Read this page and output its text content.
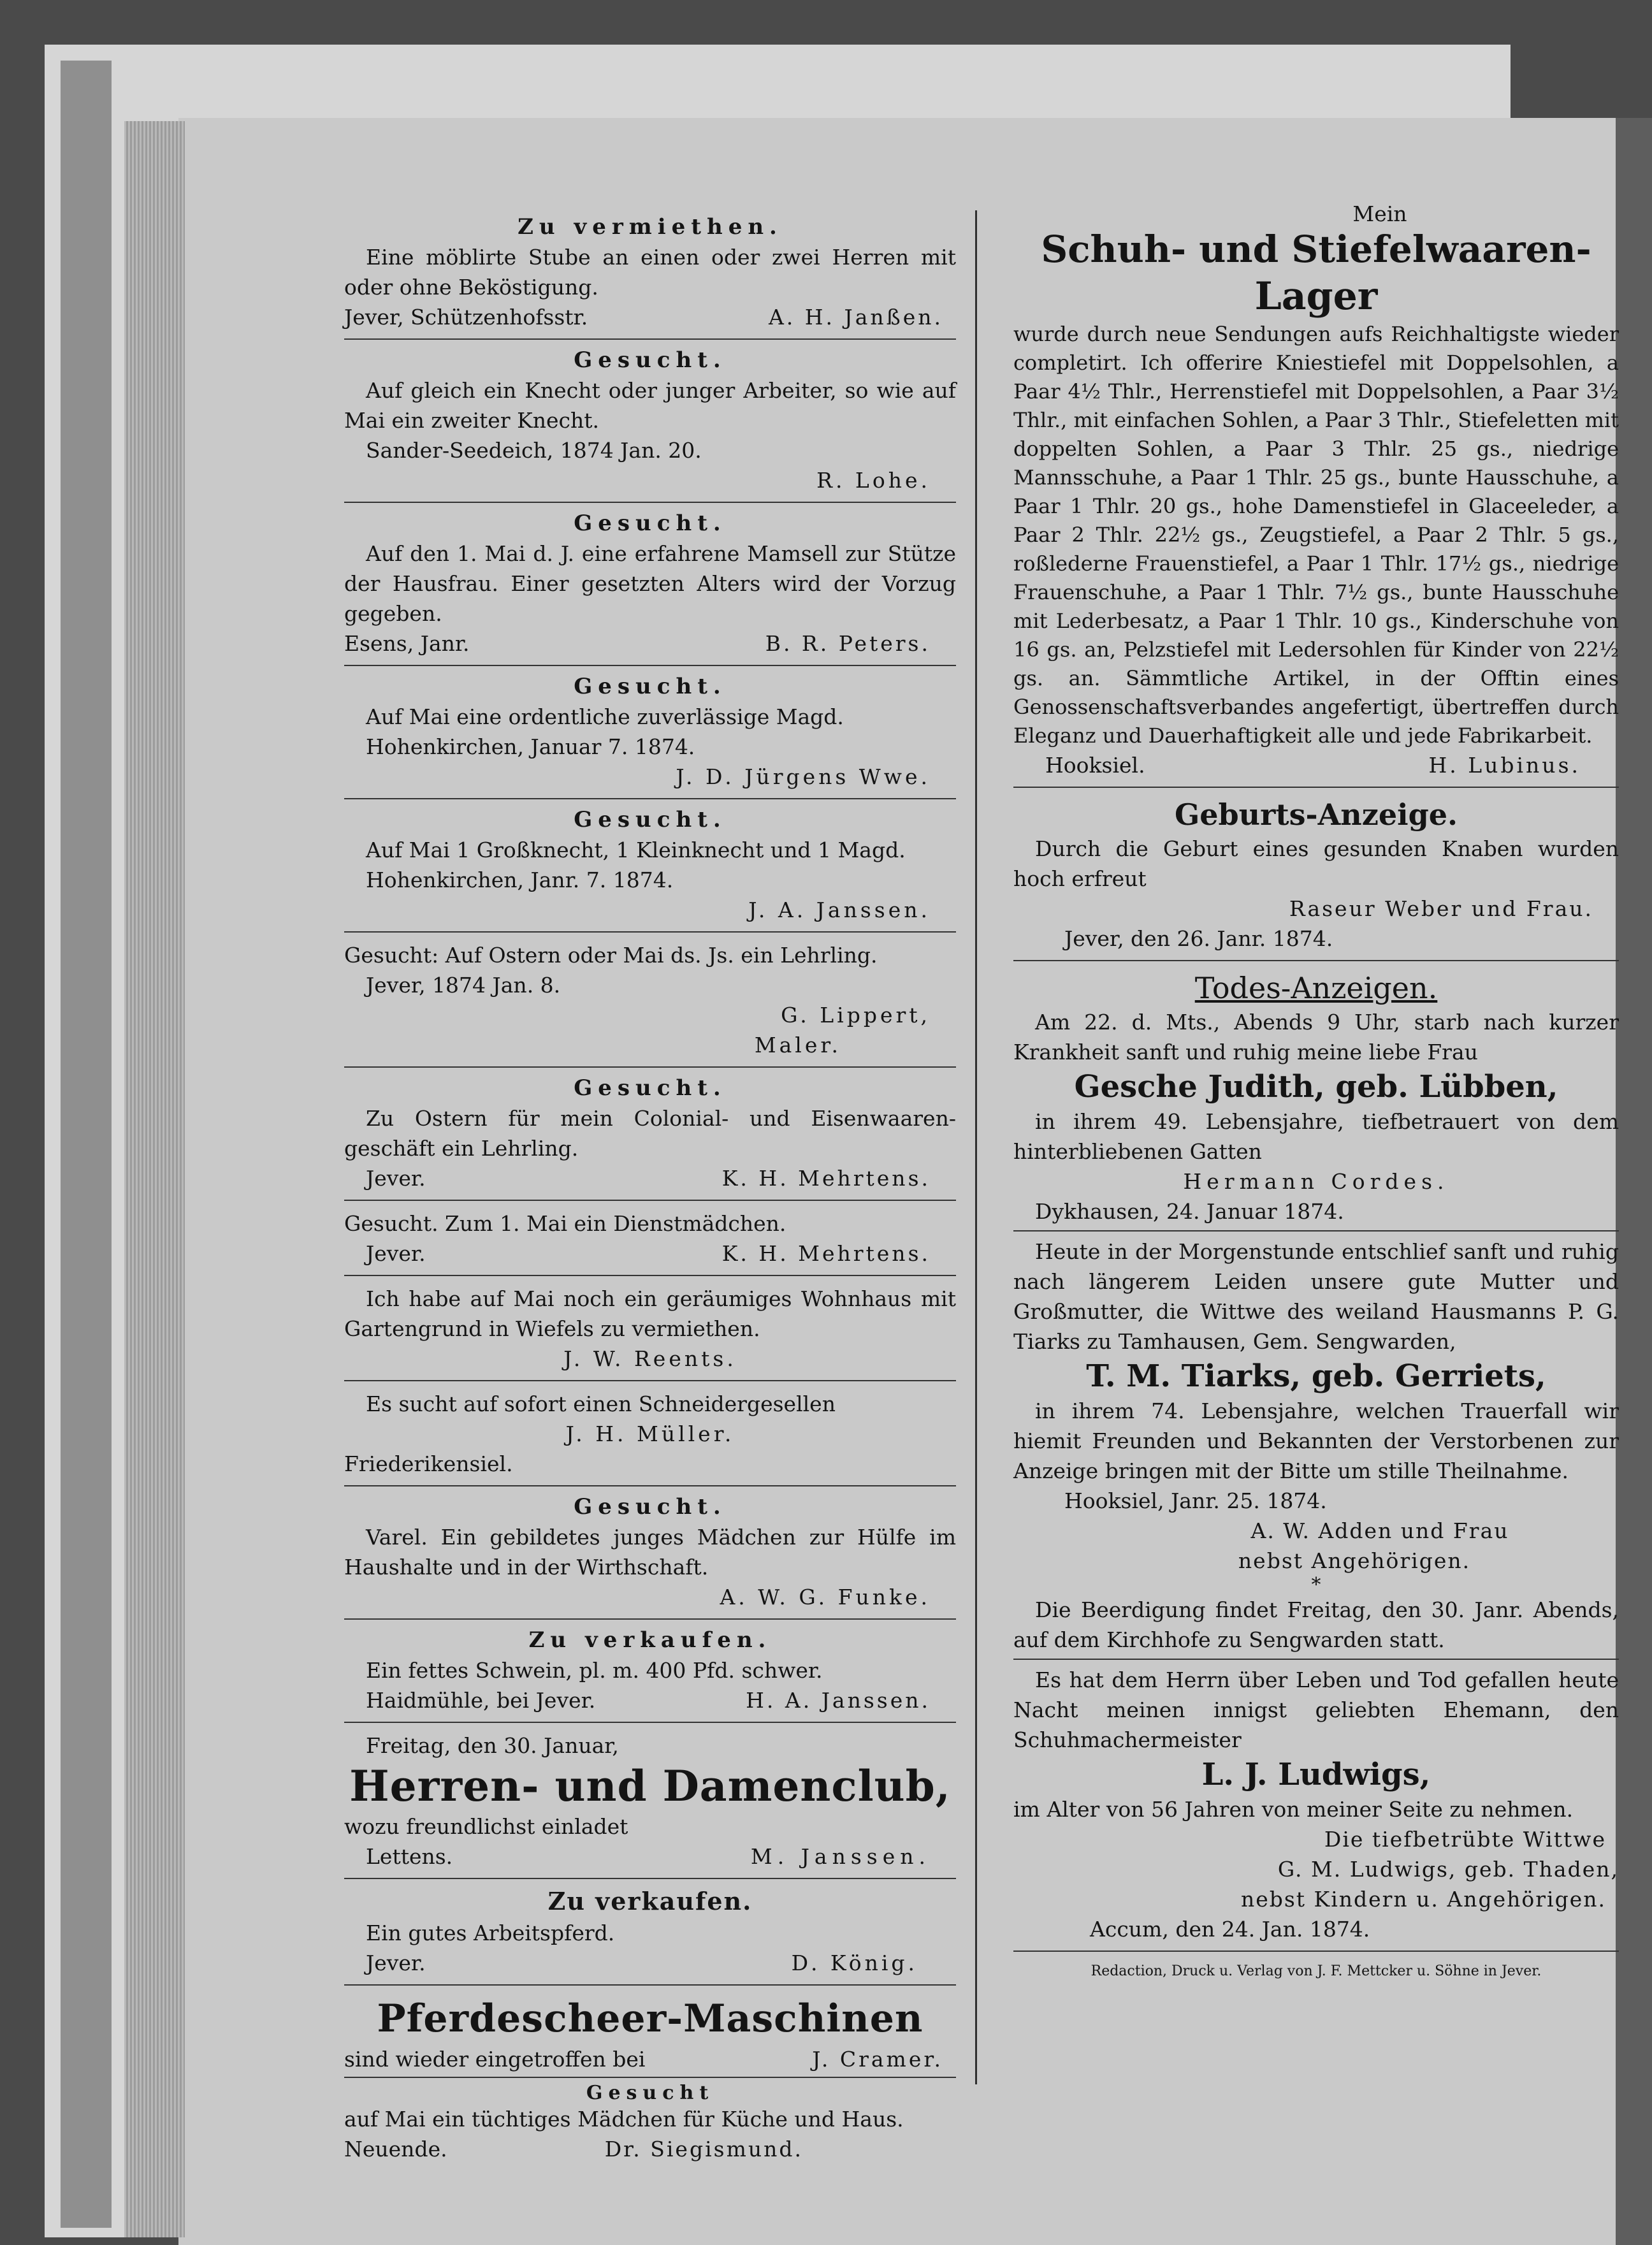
Zu vermiethen.
Eine möblirte Stube an einen oder zwei Herren mit oder ohne Beköstigung.
Jever, Schützenhofsstr.	A. H. Janßen.
Gesucht.
Auf gleich ein Knecht oder junger Arbeiter, so wie auf Mai ein zweiter Knecht.
Sander-Seedeich, 1874 Jan. 20.
R. Lohe.
Gesucht.
Auf den 1. Mai d. J. eine erfahrene Mamsell zur Stütze der Hausfrau. Einer gesetzten Alters wird der Vorzug gegeben.
Esens, Janr.	B. R. Peters.
Gesucht.
Auf Mai eine ordentliche zuverlässige Magd.
Hohenkirchen, Januar 7. 1874.
J. D. Jürgens Wwe.
Gesucht.
Auf Mai 1 Großknecht, 1 Kleinknecht und 1 Magd.
Hohenkirchen, Janr. 7. 1874.
J. A. Janssen.
Gesucht: Auf Ostern oder Mai ds. Js. ein Lehrling.
Jever, 1874 Jan. 8.
G. Lippert,
Maler.
Gesucht.
Zu Ostern für mein Colonial- und Eisenwaaren-geschäft ein Lehrling.
Jever.	K. H. Mehrtens.
Gesucht. Zum 1. Mai ein Dienstmädchen.
Jever.	K. H. Mehrtens.
Ich habe auf Mai noch ein geräumiges Wohnhaus mit Gartengrund in Wiefels zu vermiethen.
J. W. Reents.
Es sucht auf sofort einen Schneidergesellen
J. H. Müller.
Friederikensiel.
Gesucht.
Varel. Ein gebildetes junges Mädchen zur Hülfe im Haushalte und in der Wirthschaft.
A. W. G. Funke.
Zu verkaufen.
Ein fettes Schwein, pl. m. 400 Pfd. schwer.
Haidmühle, bei Jever.	H. A. Janssen.
Freitag, den 30. Januar,
Herren- und Damenclub,
wozu freundlichst einladet
Lettens.	M. Janssen.
Zu verkaufen.
Ein gutes Arbeitspferd.
Jever.	D. König.
Pferdescheer-Maschinen
sind wieder eingetroffen bei	J. Cramer.
Gesucht
auf Mai ein tüchtiges Mädchen für Küche und Haus.
Neuende.	Dr. Siegismund.
Mein
Schuh- und Stiefelwaaren-
Lager
wurde durch neue Sendungen aufs Reichhaltigste wieder completirt. Ich offerire Kniestiefel mit Doppelsohlen, a Paar 4½ Thlr., Herrenstiefel mit Doppelsohlen, a Paar 3½ Thlr., mit einfachen Sohlen, a Paar 3 Thlr., Stiefeletten mit doppelten Sohlen, a Paar 3 Thlr. 25 gs., niedrige Mannsschuhe, a Paar 1 Thlr. 25 gs., bunte Hausschuhe, a Paar 1 Thlr. 20 gs., hohe Damenstiefel in Glaceeleder, a Paar 2 Thlr. 22½ gs., Zeugstiefel, a Paar 2 Thlr. 5 gs., roßlederne Frauenstiefel, a Paar 1 Thlr. 17½ gs., niedrige Frauenschuhe, a Paar 1 Thlr. 7½ gs., bunte Hausschuhe mit Lederbesatz, a Paar 1 Thlr. 10 gs., Kinderschuhe von 16 gs. an, Pelzstiefel mit Ledersohlen für Kinder von 22½ gs. an. Sämmtliche Artikel, in der Offtin eines Genossenschaftsverbandes angefertigt, übertreffen durch Eleganz und Dauerhaftigkeit alle und jede Fabrikarbeit.
Hooksiel.	H. Lubinus.
Geburts-Anzeige.
Durch die Geburt eines gesunden Knaben wurden hoch erfreut
Raseur Weber und Frau.
Jever, den 26. Janr. 1874.
Todes-Anzeigen.
Am 22. d. Mts., Abends 9 Uhr, starb nach kurzer Krankheit sanft und ruhig meine liebe Frau
Gesche Judith, geb. Lübben,
in ihrem 49. Lebensjahre, tiefbetrauert von dem hinterbliebenen Gatten
Hermann Cordes.
Dykhausen, 24. Januar 1874.
Heute in der Morgenstunde entschlief sanft und ruhig nach längerem Leiden unsere gute Mutter und Großmutter, die Wittwe des weiland Hausmanns P. G. Tiarks zu Tamhausen, Gem. Sengwarden,
T. M. Tiarks, geb. Gerriets,
in ihrem 74. Lebensjahre, welchen Trauerfall wir hiemit Freunden und Bekannten der Verstorbenen zur Anzeige bringen mit der Bitte um stille Theilnahme.
Hooksiel, Janr. 25. 1874.
A. W. Adden und Frau
nebst Angehörigen.
*
Die Beerdigung findet Freitag, den 30. Janr. Abends, auf dem Kirchhofe zu Sengwarden statt.
Es hat dem Herrn über Leben und Tod gefallen heute Nacht meinen innigst geliebten Ehemann, den Schuhmachermeister
L. J. Ludwigs,
im Alter von 56 Jahren von meiner Seite zu nehmen.
Die tiefbetrübte Wittwe
G. M. Ludwigs, geb. Thaden,
nebst Kindern u. Angehörigen.
Accum, den 24. Jan. 1874.
Redaction, Druck u. Verlag von J. F. Mettcker u. Söhne in Jever.
